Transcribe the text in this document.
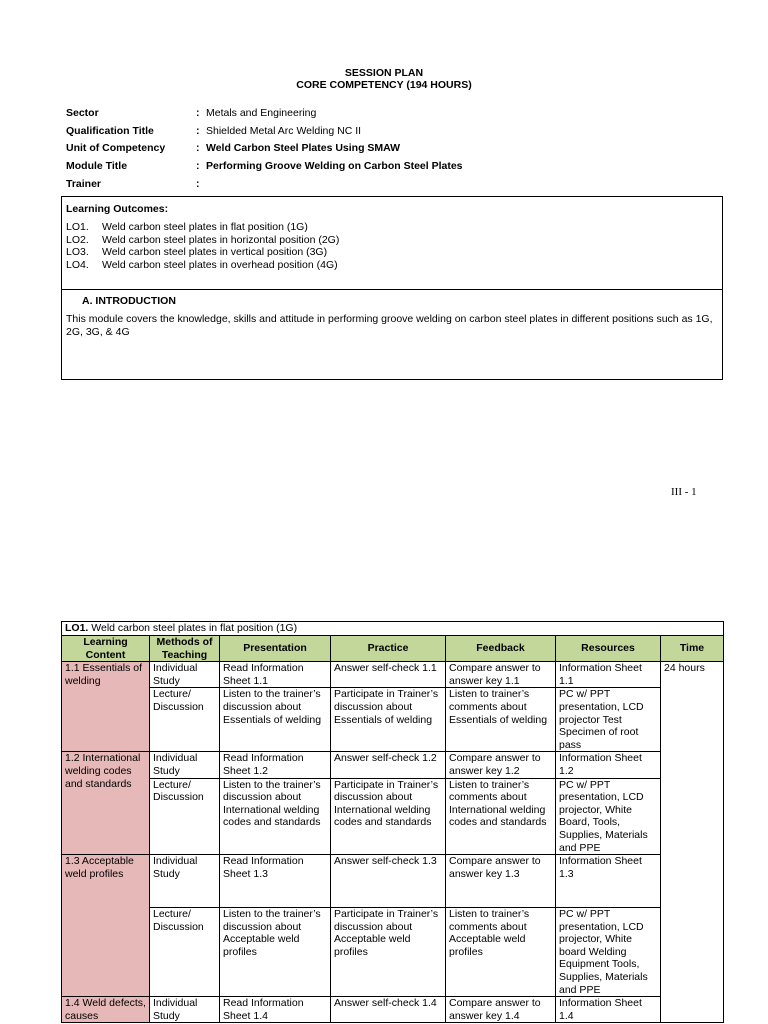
SESSION PLAN
CORE COMPETENCY (194 HOURS)
Sector	: Metals and Engineering
Qualification Title	: Shielded Metal Arc Welding NC II
Unit of Competency	: Weld Carbon Steel Plates Using SMAW
Module Title	: Performing Groove Welding on Carbon Steel Plates
Trainer	:
Learning Outcomes:
LO1. Weld carbon steel plates in flat position (1G)
LO2. Weld carbon steel plates in horizontal position (2G)
LO3. Weld carbon steel plates in vertical position (3G)
LO4. Weld carbon steel plates in overhead position (4G)
A. INTRODUCTION
This module covers the knowledge, skills and attitude in performing groove welding on carbon steel plates in different positions such as 1G, 2G, 3G, & 4G
III - 1
LO1. Weld carbon steel plates in flat position (1G)						
Learning Content	Methods of Teaching	Presentation	Practice	Feedback	Resources	Time
1.1 Essentials of welding	Individual Study	Read Information Sheet 1.1	Answer self-check 1.1	Compare answer to answer key 1.1	Information Sheet 1.1	24 hours
	Lecture/ Discussion	Listen to the trainer’s discussion about Essentials of welding	Participate in Trainer’s discussion about Essentials of welding	Listen to trainer’s comments about Essentials of welding	PC w/ PPT presentation, LCD projector Test Specimen of root pass	
1.2 International welding codes and standards	Individual Study	Read Information Sheet 1.2	Answer self-check 1.2	Compare answer to answer key 1.2	Information Sheet 1.2	
	Lecture/ Discussion	Listen to the trainer’s discussion about International welding codes and standards	Participate in Trainer’s discussion about International welding codes and standards	Listen to trainer’s comments about International welding codes and standards	PC w/ PPT presentation, LCD projector, White Board, Tools, Supplies, Materials and PPE	
1.3 Acceptable weld profiles	Individual Study	Read Information Sheet 1.3	Answer self-check 1.3	Compare answer to answer key 1.3	Information Sheet 1.3	
	Lecture/ Discussion	Listen to the trainer’s discussion about Acceptable weld profiles	Participate in Trainer’s discussion about Acceptable weld profiles	Listen to trainer’s comments about Acceptable weld profiles	PC w/ PPT presentation, LCD projector, White board Welding Equipment Tools, Supplies, Materials and PPE	
1.4 Weld defects, causes	Individual Study	Read Information Sheet 1.4	Answer self-check 1.4	Compare answer to answer key 1.4	Information Sheet 1.4	
